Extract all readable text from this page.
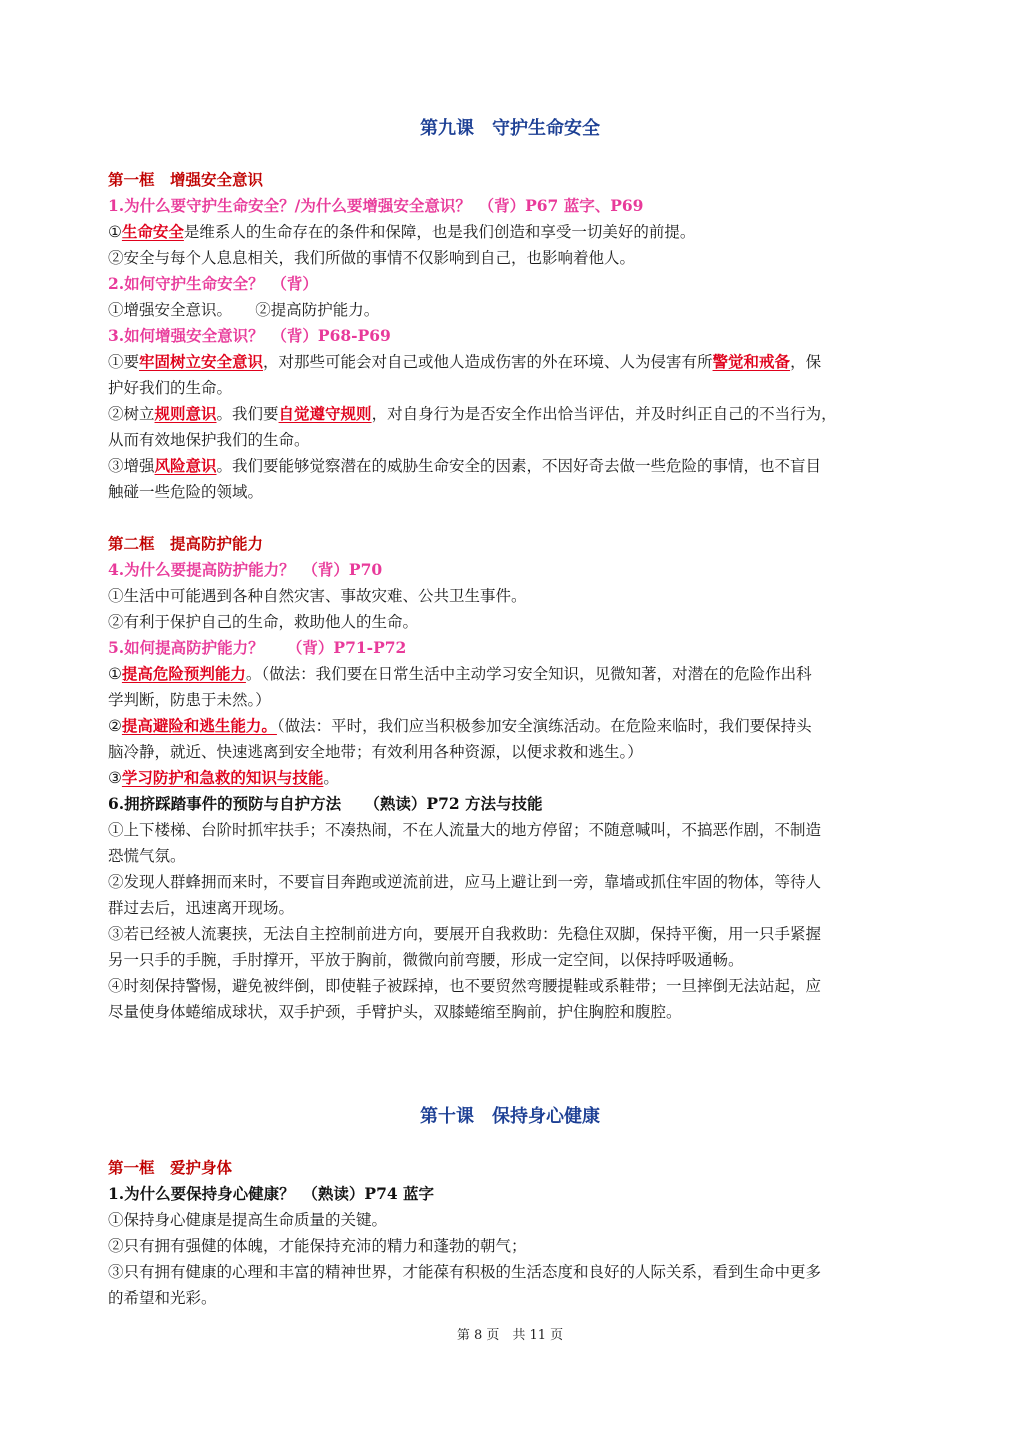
第九课　守护生命安全
第一框　增强安全意识
1.为什么要守护生命安全？/为什么要增强安全意识？　（背）P67 蓝字、P69
①生命安全是维系人的生命存在的条件和保障，也是我们创造和享受一切美好的前提。
②安全与每个人息息相关，我们所做的事情不仅影响到自己，也影响着他人。
2.如何守护生命安全？　（背）
①增强安全意识。　　②提高防护能力。
3.如何增强安全意识？　（背）P68-P69
①要牢固树立安全意识，对那些可能会对自己或他人造成伤害的外在环境、人为侵害有所警觉和戒备，保
护好我们的生命。
②树立规则意识。我们要自觉遵守规则，对自身行为是否安全作出恰当评估，并及时纠正自己的不当行为，
从而有效地保护我们的生命。
③增强风险意识。我们要能够觉察潜在的威胁生命安全的因素，不因好奇去做一些危险的事情，也不盲目
触碰一些危险的领域。
第二框　提高防护能力
4.为什么要提高防护能力？　（背）P70
①生活中可能遇到各种自然灾害、事故灾难、公共卫生事件。
②有利于保护自己的生命，救助他人的生命。
5.如何提高防护能力？　　（背）P71-P72
①提高危险预判能力。（做法：我们要在日常生活中主动学习安全知识，见微知著，对潜在的危险作出科
学判断，防患于未然。）
②提高避险和逃生能力。（做法：平时，我们应当积极参加安全演练活动。在危险来临时，我们要保持头
脑冷静，就近、快速逃离到安全地带；有效利用各种资源，以便求救和逃生。）
③学习防护和急救的知识与技能。
6.拥挤踩踏事件的预防与自护方法　　（熟读）P72 方法与技能
①上下楼梯、台阶时抓牢扶手；不凑热闹，不在人流量大的地方停留；不随意喊叫，不搞恶作剧，不制造
恐慌气氛。
②发现人群蜂拥而来时，不要盲目奔跑或逆流前进，应马上避让到一旁，靠墙或抓住牢固的物体，等待人
群过去后，迅速离开现场。
③若已经被人流裹挟，无法自主控制前进方向，要展开自我救助：先稳住双脚，保持平衡，用一只手紧握
另一只手的手腕，手肘撑开，平放于胸前，微微向前弯腰，形成一定空间，以保持呼吸通畅。
④时刻保持警惕，避免被绊倒，即使鞋子被踩掉，也不要贸然弯腰提鞋或系鞋带；一旦摔倒无法站起，应
尽量使身体蜷缩成球状，双手护颈，手臂护头，双膝蜷缩至胸前，护住胸腔和腹腔。
第十课　保持身心健康
第一框　爱护身体
1.为什么要保持身心健康？　（熟读）P74 蓝字
①保持身心健康是提高生命质量的关键。
②只有拥有强健的体魄，才能保持充沛的精力和蓬勃的朝气；
③只有拥有健康的心理和丰富的精神世界，才能葆有积极的生活态度和良好的人际关系，看到生命中更多
的希望和光彩。
第 8 页　共 11 页
